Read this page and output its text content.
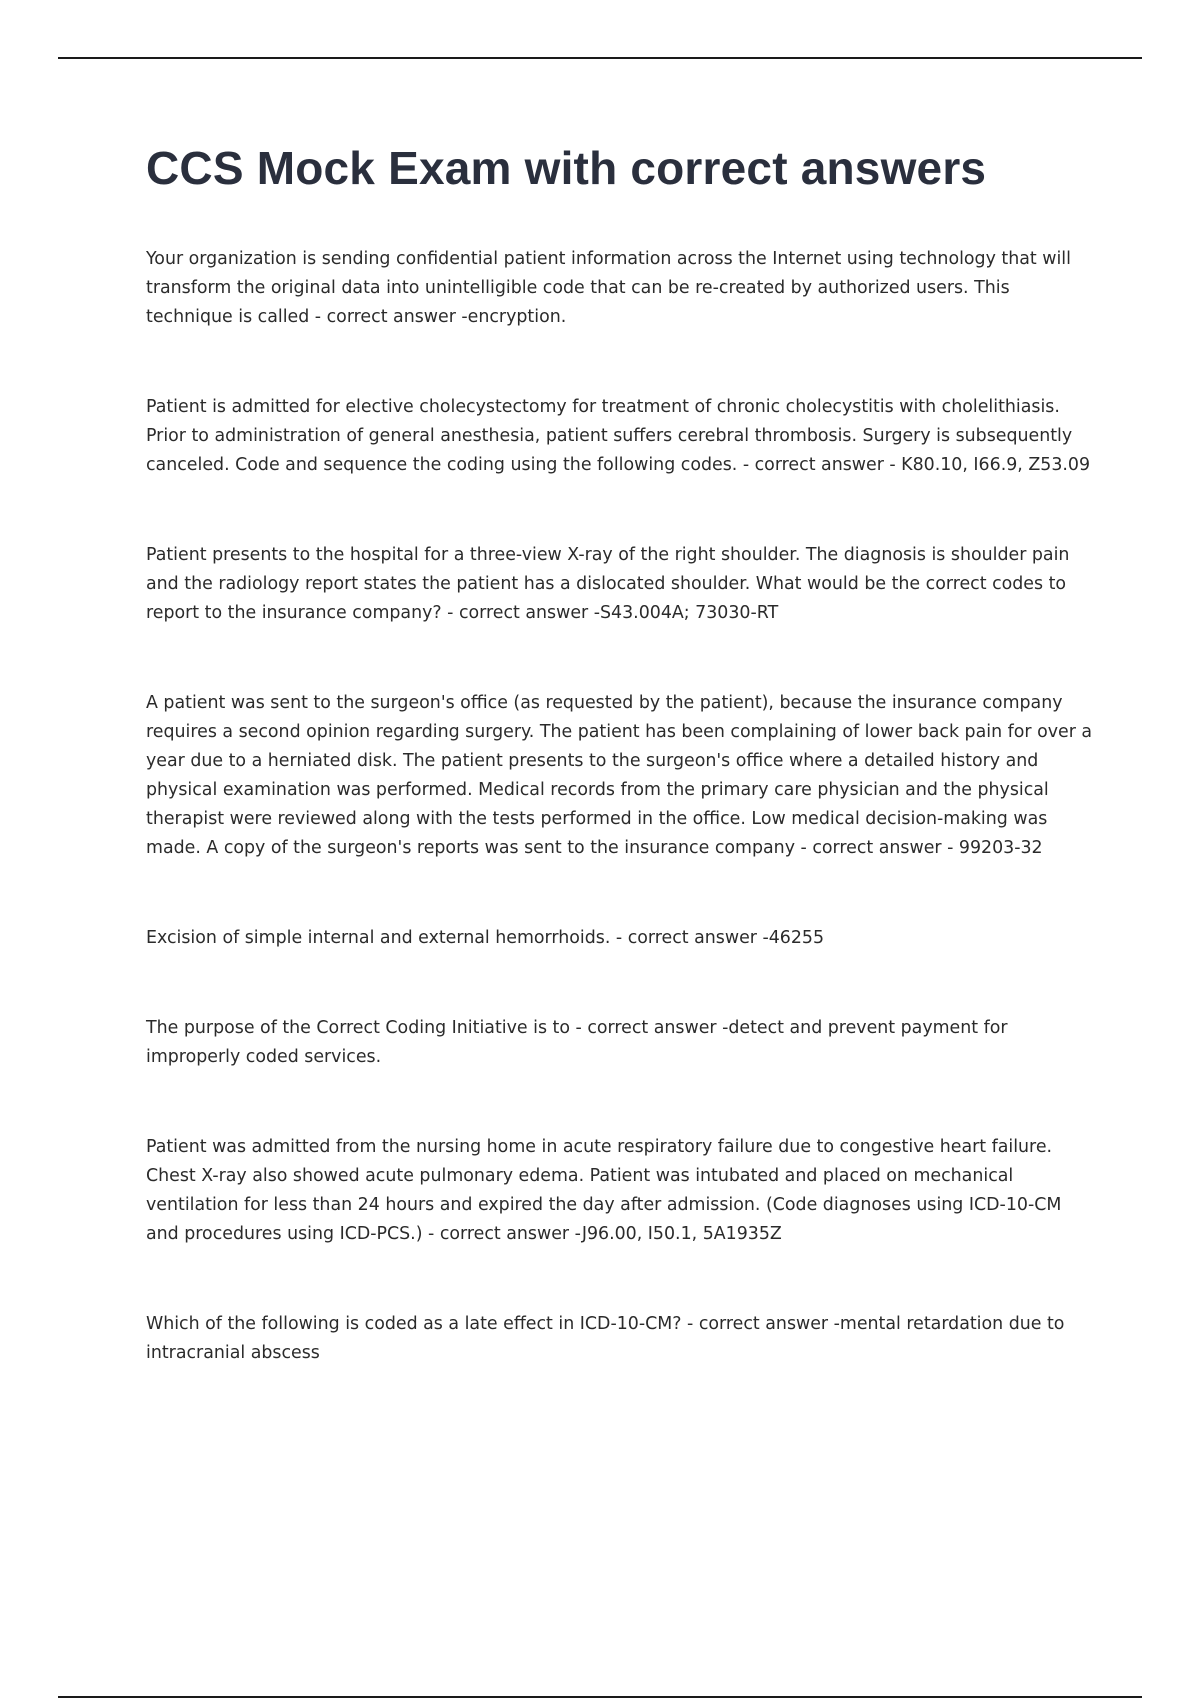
CCS Mock Exam with correct answers

Your organization is sending confidential patient information across the Internet using technology that will transform the original data into unintelligible code that can be re-created by authorized users. This technique is called - correct answer -encryption.

Patient is admitted for elective cholecystectomy for treatment of chronic cholecystitis with cholelithiasis. Prior to administration of general anesthesia, patient suffers cerebral thrombosis. Surgery is subsequently canceled. Code and sequence the coding using the following codes. - correct answer - K80.10, I66.9, Z53.09

Patient presents to the hospital for a three-view X-ray of the right shoulder. The diagnosis is shoulder pain and the radiology report states the patient has a dislocated shoulder. What would be the correct codes to report to the insurance company? - correct answer -S43.004A; 73030-RT

A patient was sent to the surgeon's office (as requested by the patient), because the insurance company requires a second opinion regarding surgery. The patient has been complaining of lower back pain for over a year due to a herniated disk. The patient presents to the surgeon's office where a detailed history and physical examination was performed. Medical records from the primary care physician and the physical therapist were reviewed along with the tests performed in the office. Low medical decision-making was made. A copy of the surgeon's reports was sent to the insurance company - correct answer - 99203-32

Excision of simple internal and external hemorrhoids. - correct answer -46255

The purpose of the Correct Coding Initiative is to - correct answer -detect and prevent payment for improperly coded services.

Patient was admitted from the nursing home in acute respiratory failure due to congestive heart failure. Chest X-ray also showed acute pulmonary edema. Patient was intubated and placed on mechanical ventilation for less than 24 hours and expired the day after admission. (Code diagnoses using ICD-10-CM and procedures using ICD-PCS.) - correct answer -J96.00, I50.1, 5A1935Z

Which of the following is coded as a late effect in ICD-10-CM? - correct answer -mental retardation due to intracranial abscess
